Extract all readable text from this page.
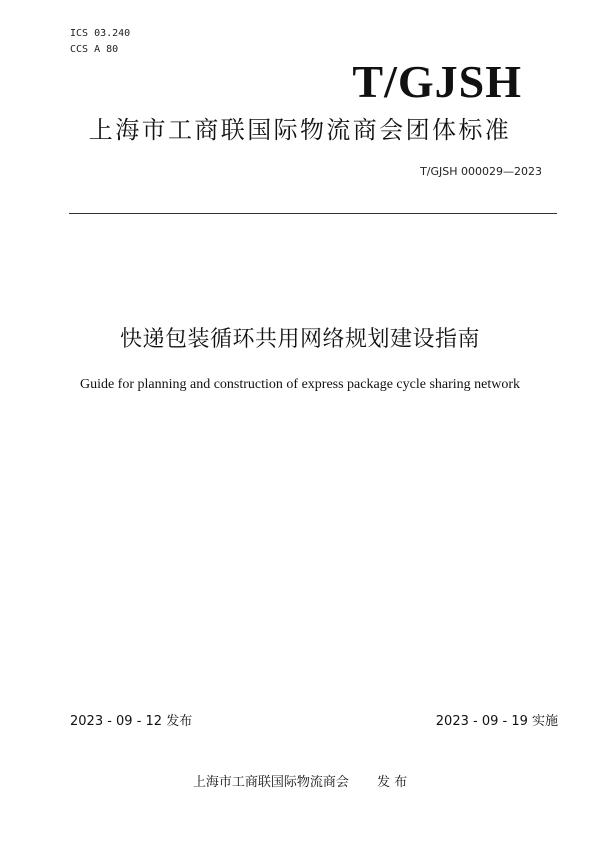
ICS 03.240
CCS A 80
T/GJSH
上海市工商联国际物流商会团体标准
T/GJSH 000029—2023
快递包装循环共用网络规划建设指南
Guide for planning and construction of express package cycle sharing network
2023 - 09 - 12 发布	2023 - 09 - 19 实施
上海市工商联国际物流商会 发 布
